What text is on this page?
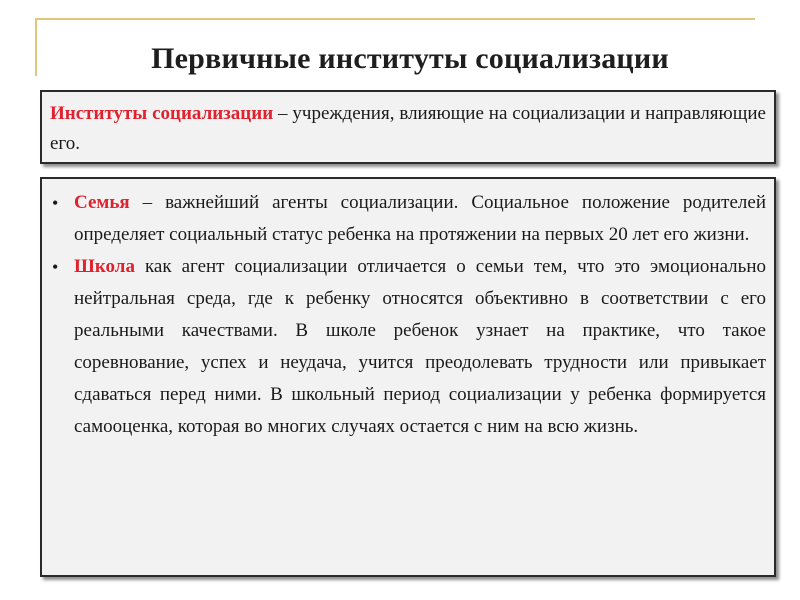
Первичные институты социализации
Институты социализации – учреждения, влияющие на социализации и направляющие его.
• Семья – важнейший агенты социализации. Социальное положение родителей определяет социальный статус ребенка на протяжении на первых 20 лет его жизни.
• Школа как агент социализации отличается о семьи тем, что это эмоционально нейтральная среда, где к ребенку относятся объективно в соответствии с его реальными качествами. В школе ребенок узнает на практике, что такое соревнование, успех и неудача, учится преодолевать трудности или привыкает сдаваться перед ними. В школьный период социализации у ребенка формируется самооценка, которая во многих случаях остается с ним на всю жизнь.
